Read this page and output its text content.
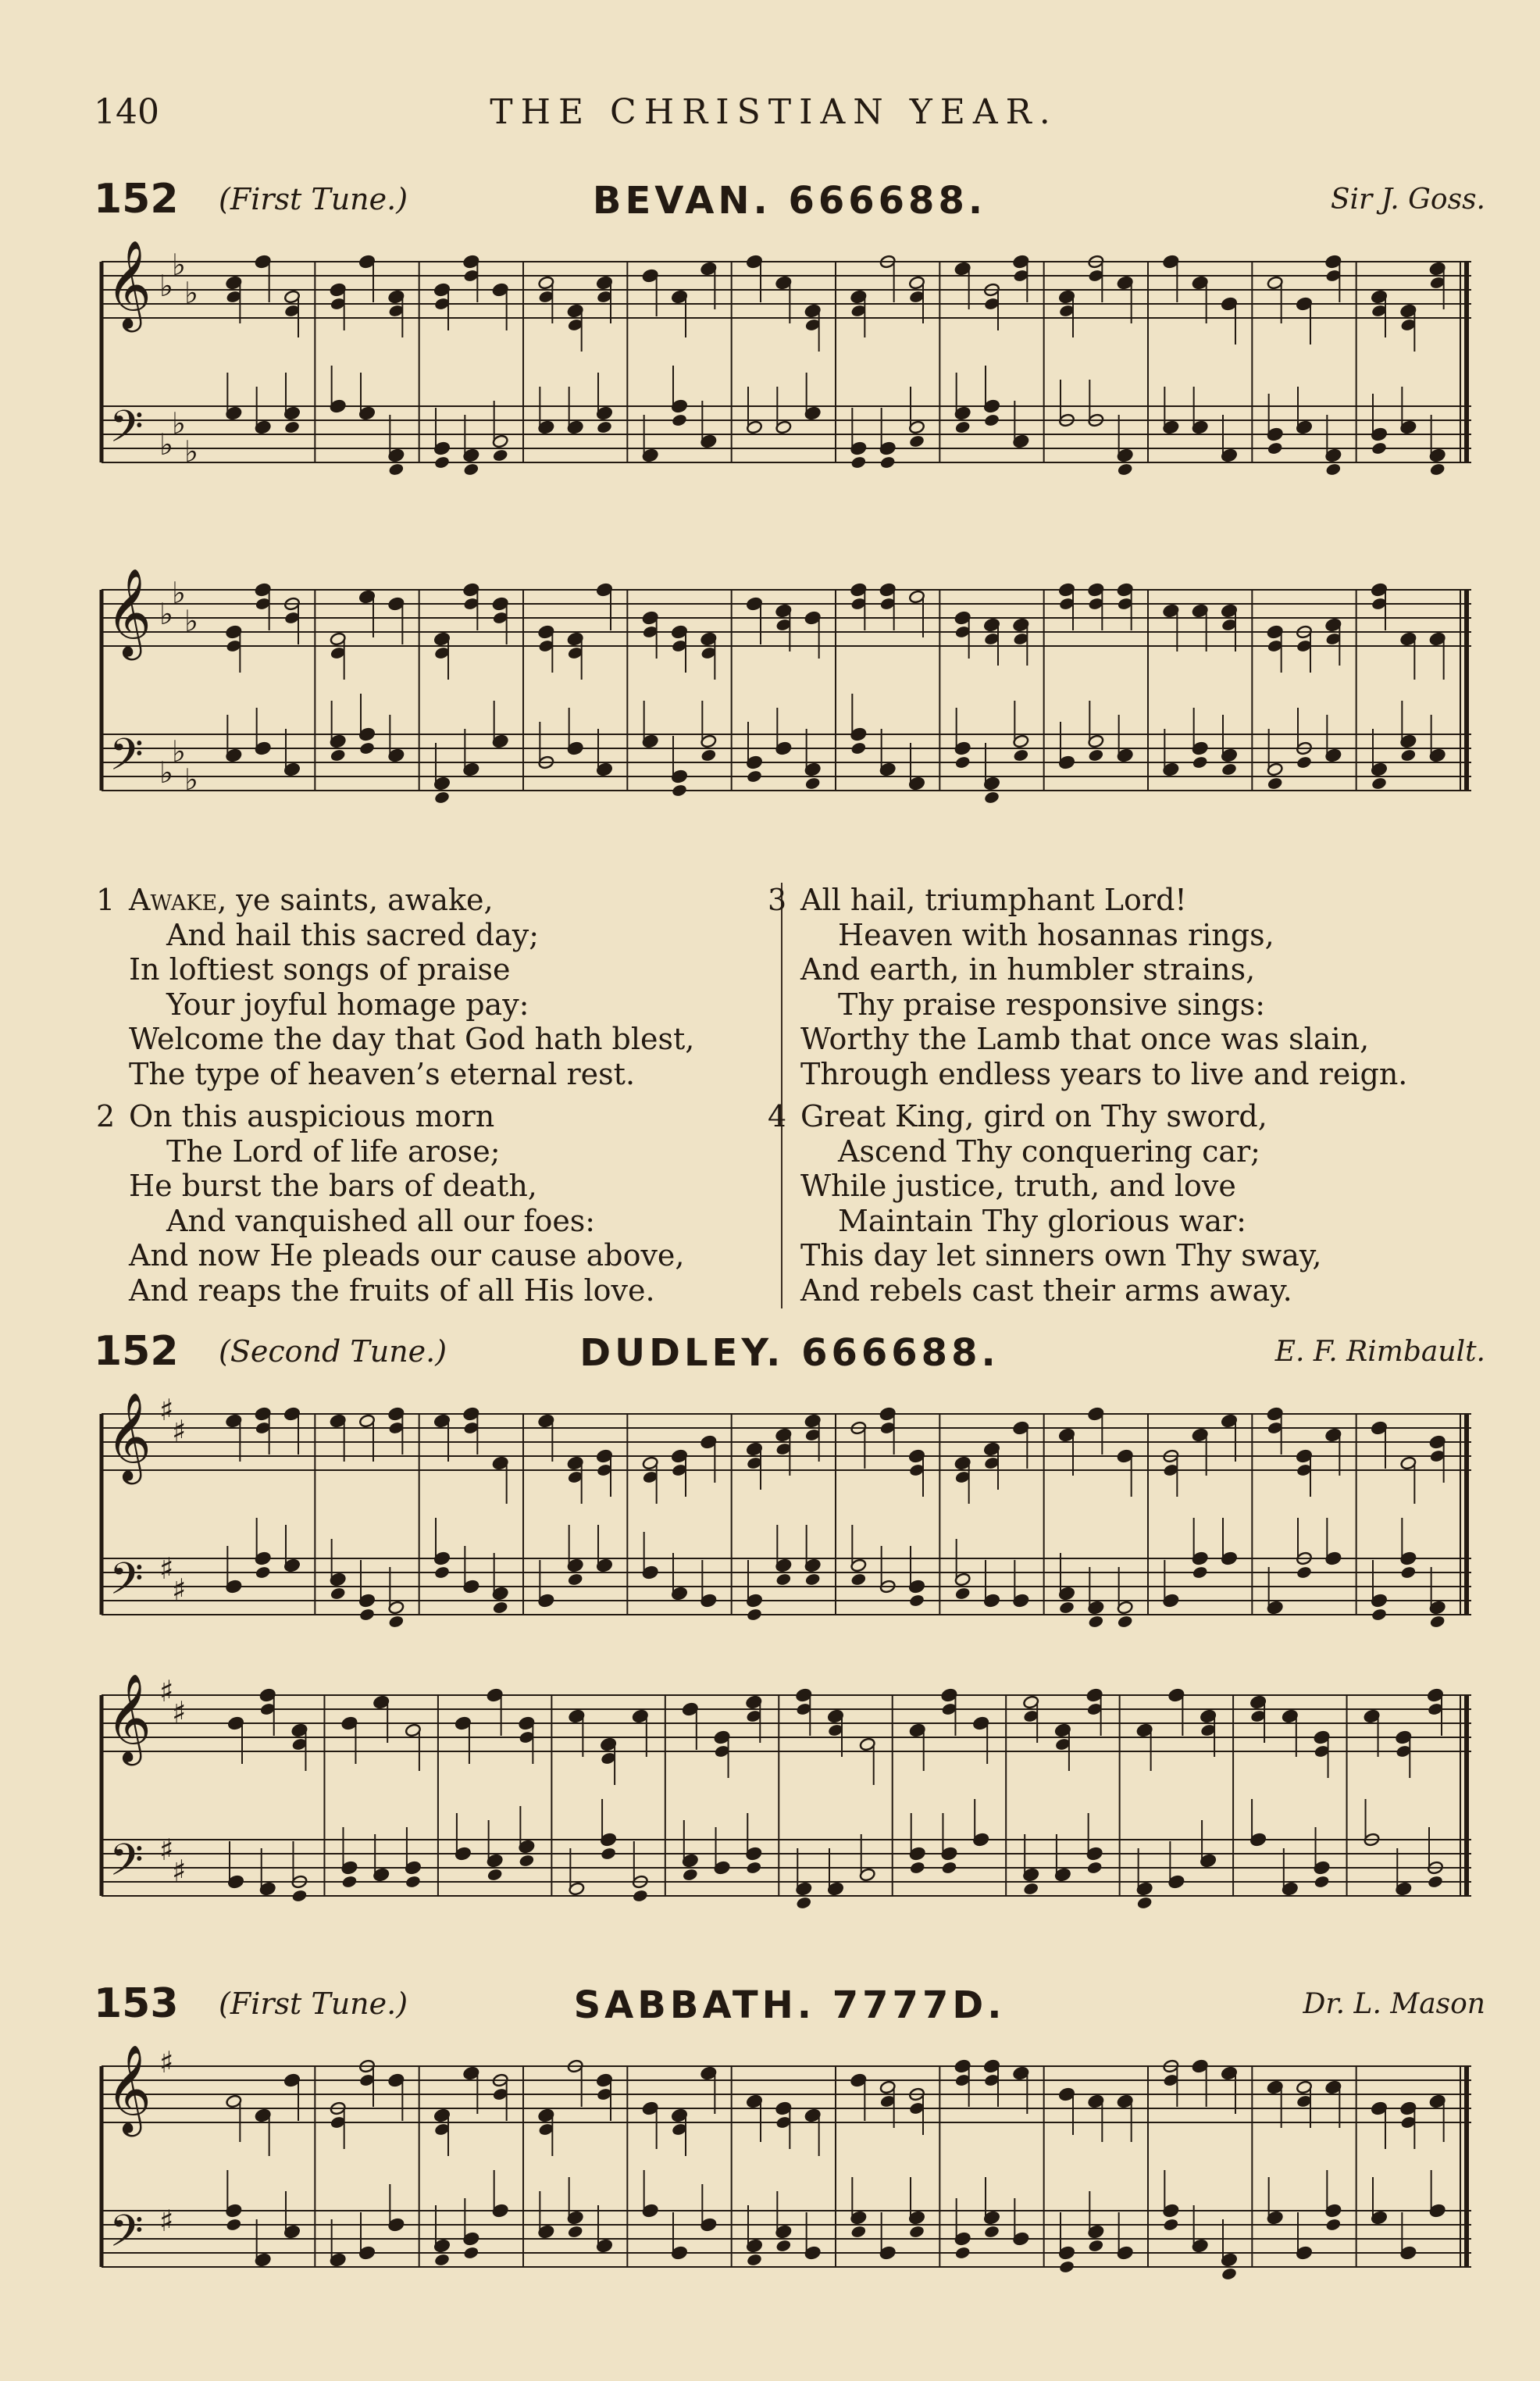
140	THE CHRISTIAN YEAR.
152 (First Tune.)	BEVAN. 666688.	Sir J. Goss.
𝄞
𝄢
♭
♭
♭
♭
♭
♭
𝄞
𝄢
♭
♭
♭
♭
♭
♭
1 Awake, ye saints, awake,
And hail this sacred day;
In loftiest songs of praise
Your joyful homage pay:
Welcome the day that God hath blest,
The type of heaven’s eternal rest.
2 On this auspicious morn
The Lord of life arose;
He burst the bars of death,
And vanquished all our foes:
And now He pleads our cause above,
And reaps the fruits of all His love.
3 All hail, triumphant Lord!
Heaven with hosannas rings,
And earth, in humbler strains,
Thy praise responsive sings:
Worthy the Lamb that once was slain,
Through endless years to live and reign.
4 Great King, gird on Thy sword,
Ascend Thy conquering car;
While justice, truth, and love
Maintain Thy glorious war:
This day let sinners own Thy sway,
And rebels cast their arms away.
152 (Second Tune.)	DUDLEY. 666688.	E. F. Rimbault.
𝄞
𝄢
♯
♯
♯
♯
𝄞
𝄢
♯
♯
♯
♯
153 (First Tune.)	SABBATH. 7777D.	Dr. L. Mason
𝄞
𝄢
♯
♯
